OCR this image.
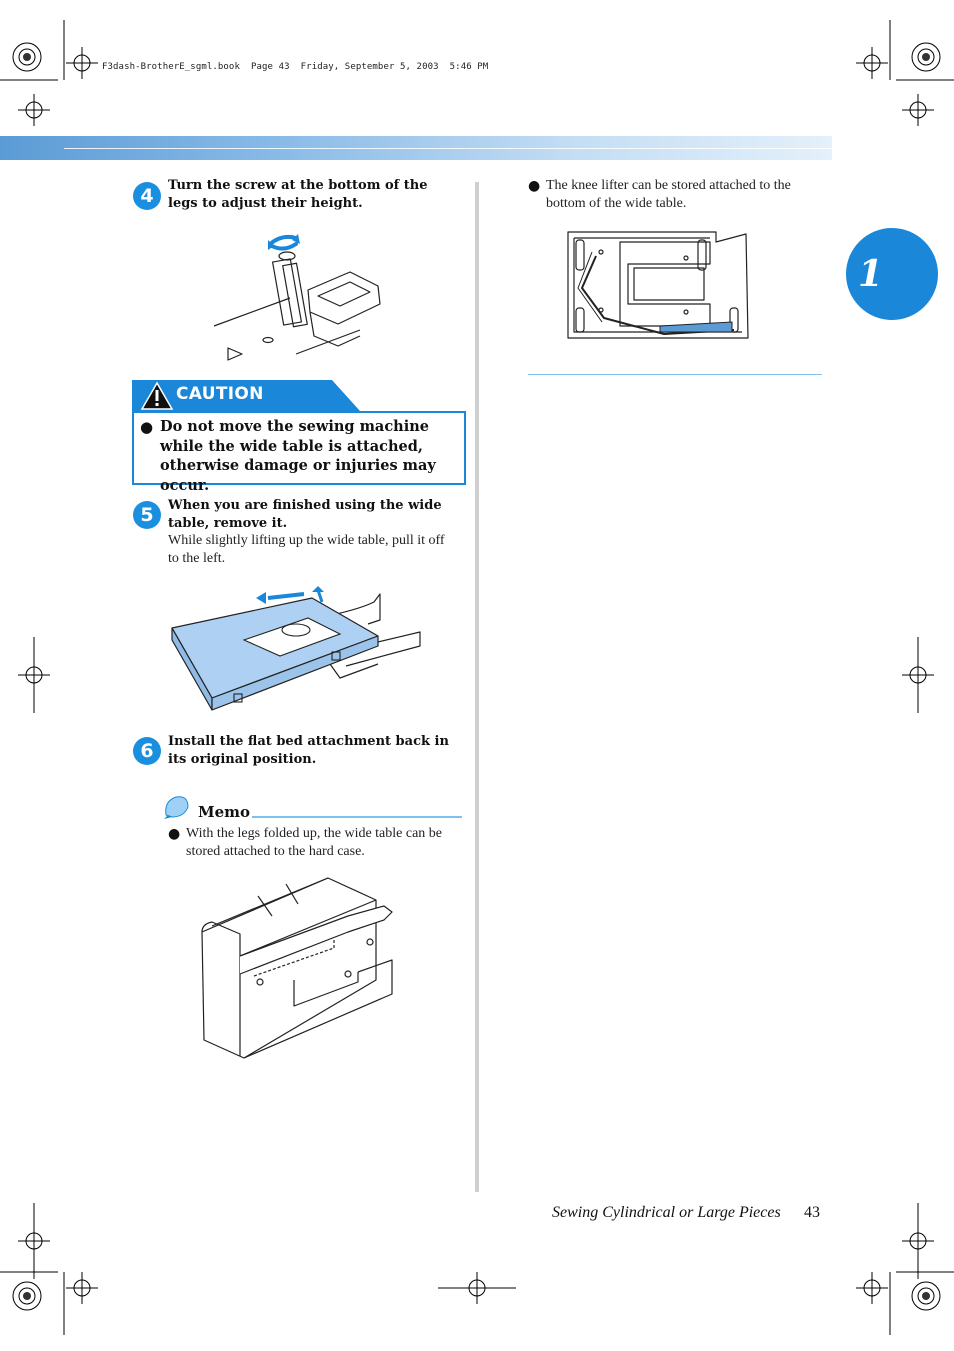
F3dash-BrotherE_sgml.book  Page 43  Friday, September 5, 2003  5:46 PM
1
4 Turn the screw at the bottom of the legs to adjust their height.
CAUTION
● Do not move the sewing machine while the wide table is attached, otherwise damage or injuries may occur.
5 When you are finished using the wide table, remove it.
While slightly lifting up the wide table, pull it off to the left.
6 Install the flat bed attachment back in its original position.
Memo
● With the legs folded up, the wide table can be stored attached to the hard case.
● The knee lifter can be stored attached to the bottom of the wide table.
Sewing Cylindrical or Large Pieces 43
